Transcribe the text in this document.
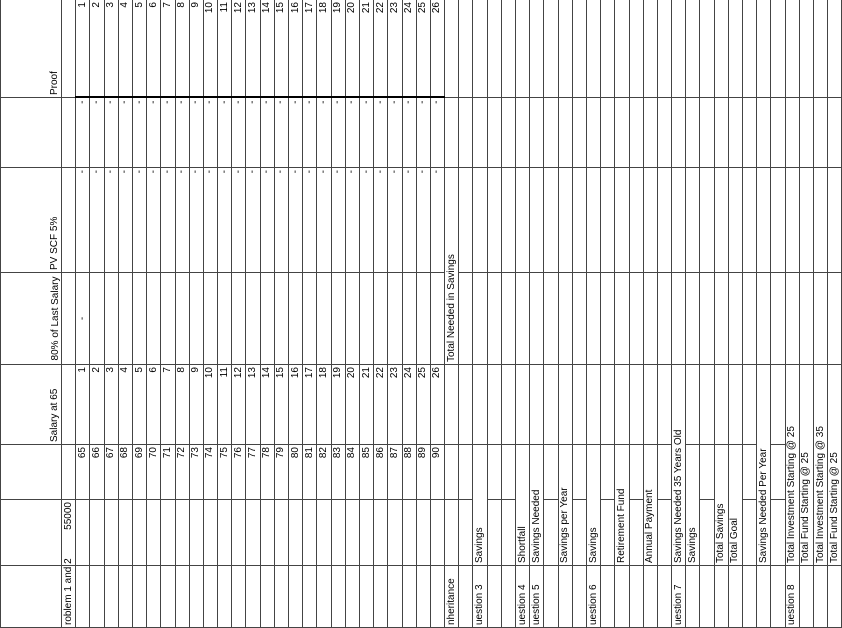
			Salary at 65	80% of Last Salary	PV SCF 5%		Proof
roblem 1 and 2	55000						
		65	1	-	-	-	1
		66	2		-	-	2
		67	3		-	-	3
		68	4		-	-	4
		69	5		-	-	5
		70	6		-	-	6
		71	7		-	-	7
		72	8		-	-	8
		73	9		-	-	9
		74	10		-	-	10
		75	11		-	-	11
		76	12		-	-	12
		77	13		-	-	13
		78	14		-	-	14
		79	15		-	-	15
		80	16		-	-	16
		81	17		-	-	17
		82	18		-	-	18
		83	19		-	-	19
		84	20		-	-	20
		85	21		-	-	21
		86	22		-	-	22
		87	23		-	-	23
		88	24		-	-	24
		89	25		-	-	25
		90	26		-	-	26
nheritance				Total Needed in Savings			

uestion 3	Savings						

uestion 4	Shortfall						
uestion 5	Savings Needed						

	Savings per Year						

uestion 6	Savings						

	Retirement Fund						

	Annual Payment						

uestion 7	Savings Needed 35 Years Old						
	Savings						

	Total Savings						
	Total Goal						

	Savings Needed Per Year						

uestion 8	Total Investment Starting @ 25						
	Total Fund Starting @ 25						
	Total Investment Starting @ 35						
	Total Fund Starting @ 25						
